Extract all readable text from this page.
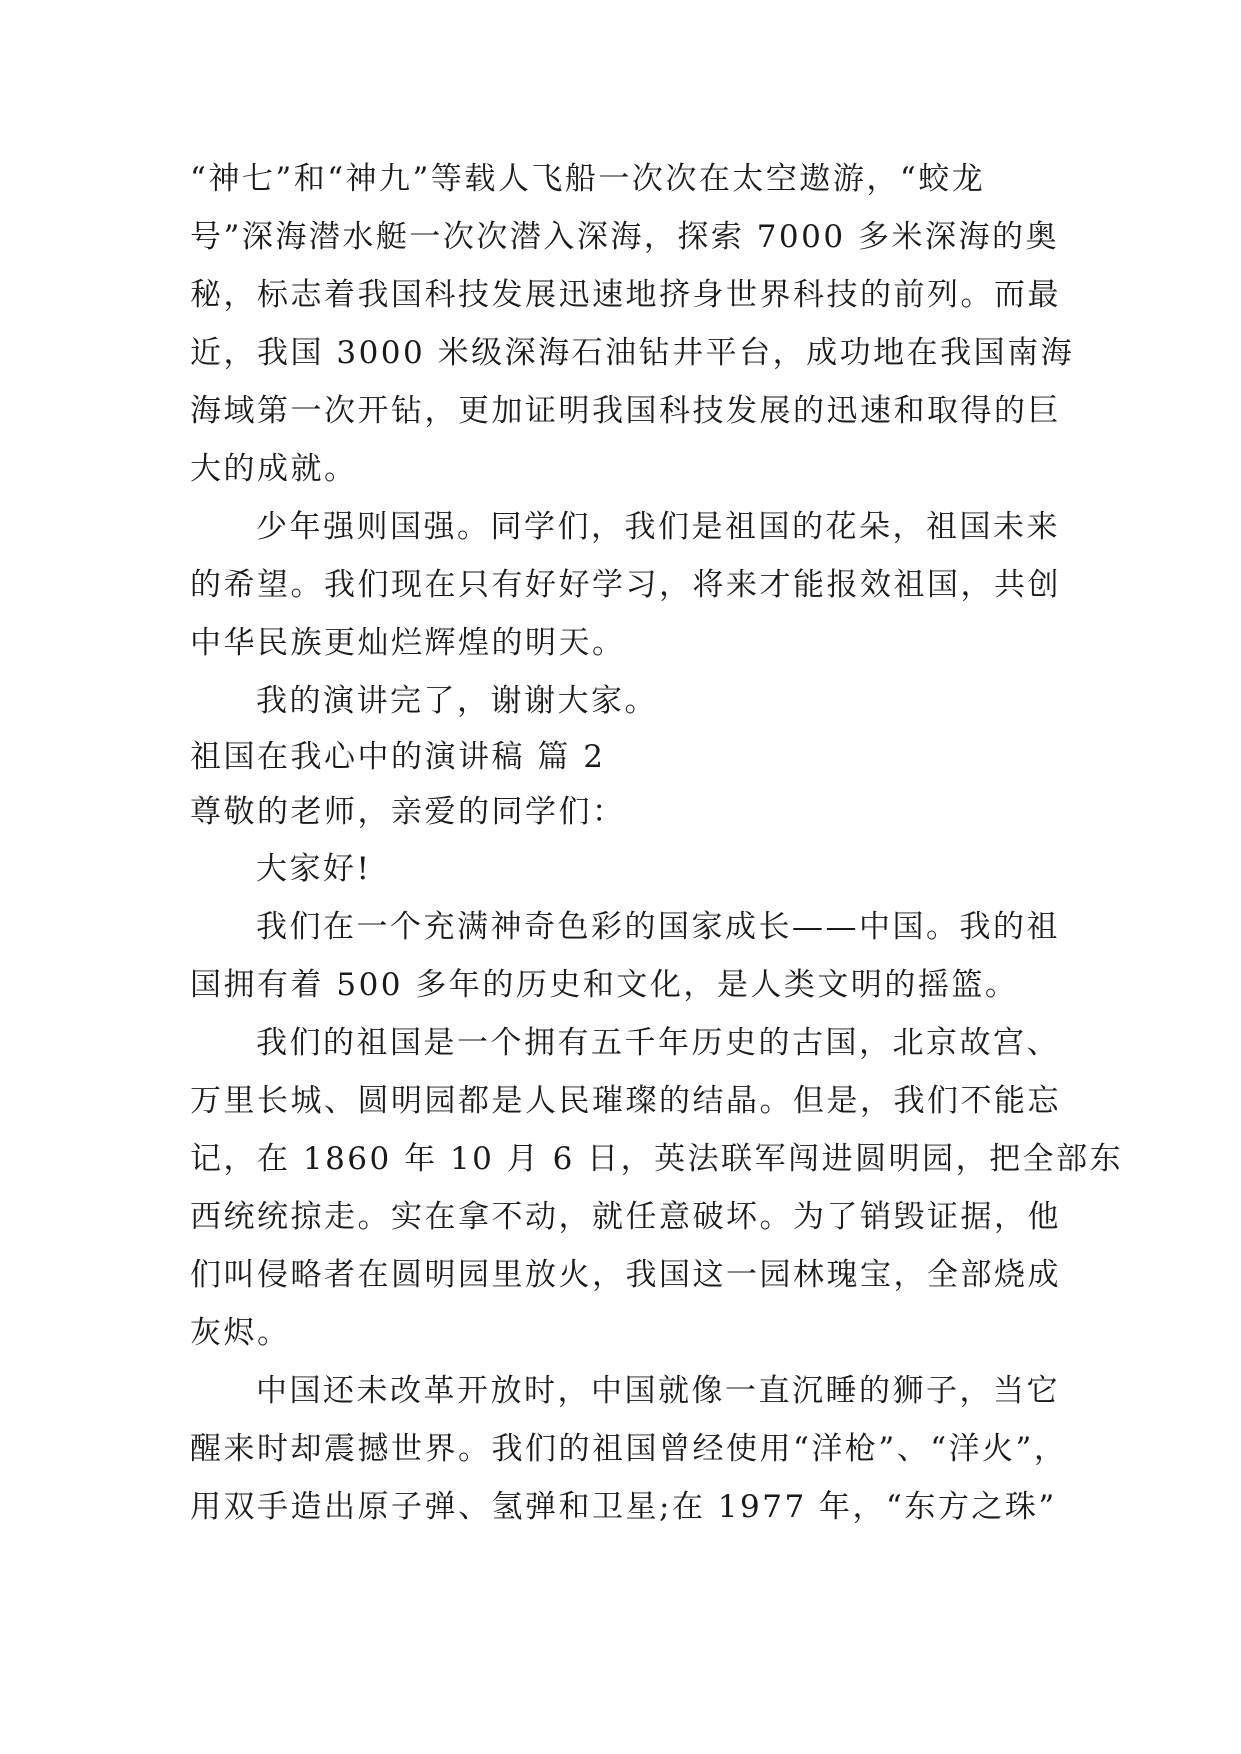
“神七”和“神九”等载人飞船一次次在太空遨游，“蛟龙
号”深海潜水艇一次次潜入深海，探索 7000 多米深海的奥
秘，标志着我国科技发展迅速地挤身世界科技的前列。而最
近，我国 3000 米级深海石油钻井平台，成功地在我国南海
海域第一次开钻，更加证明我国科技发展的迅速和取得的巨
大的成就。
少年强则国强。同学们，我们是祖国的花朵，祖国未来
的希望。我们现在只有好好学习，将来才能报效祖国，共创
中华民族更灿烂辉煌的明天。
我的演讲完了，谢谢大家。
祖国在我心中的演讲稿 篇 2
尊敬的老师，亲爱的同学们：
大家好!
我们在一个充满神奇色彩的国家成长——中国。我的祖
国拥有着 500 多年的历史和文化，是人类文明的摇篮。
我们的祖国是一个拥有五千年历史的古国，北京故宫、
万里长城、圆明园都是人民璀璨的结晶。但是，我们不能忘
记，在 1860 年 10 月 6 日，英法联军闯进圆明园，把全部东
西统统掠走。实在拿不动，就任意破坏。为了销毁证据，他
们叫侵略者在圆明园里放火，我国这一园林瑰宝，全部烧成
灰烬。
中国还未改革开放时，中国就像一直沉睡的狮子，当它
醒来时却震撼世界。我们的祖国曾经使用“洋枪”、“洋火”，
用双手造出原子弹、氢弹和卫星;在 1977 年，“东方之珠”
